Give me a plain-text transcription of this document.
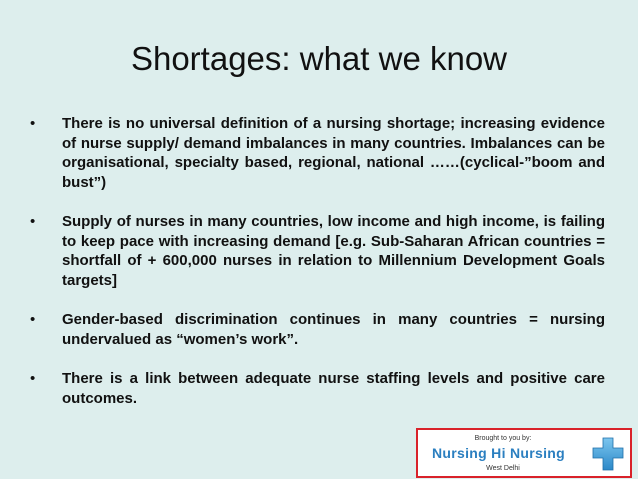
Shortages: what we know
• There is no universal definition of a nursing shortage; increasing evidence of nurse supply/ demand imbalances in many countries. Imbalances can be organisational, specialty based, regional, national ……(cyclical-”boom and bust”)
• Supply of nurses in many countries, low income and high income, is failing to keep pace with increasing demand [e.g. Sub-Saharan African countries = shortfall of + 600,000 nurses in relation to Millennium Development Goals targets]
• Gender-based discrimination continues in many countries = nursing undervalued as “women’s work”.
• There is a link between adequate nurse staffing levels and positive care outcomes.
Brought to you by:
Nursing Hi Nursing
West Delhi
